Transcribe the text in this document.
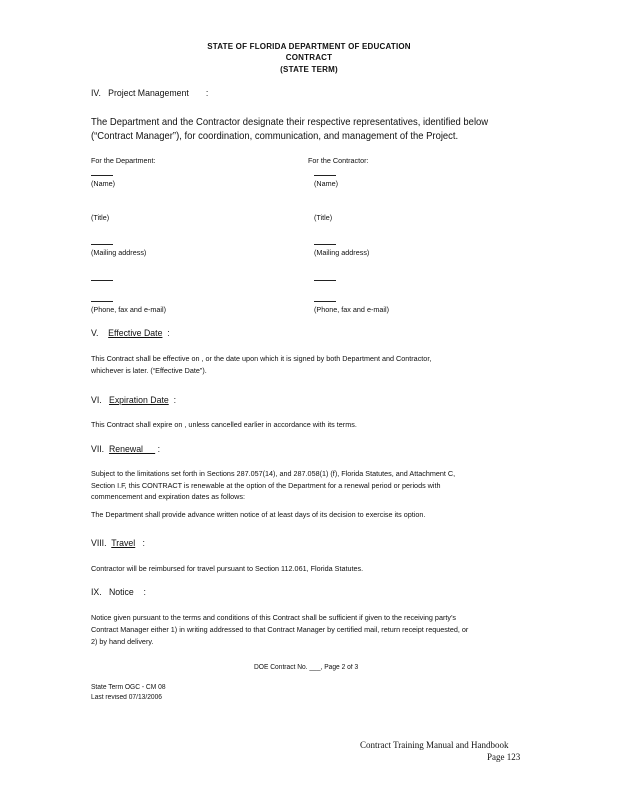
STATE OF FLORIDA DEPARTMENT OF EDUCATION
CONTRACT
(STATE TERM)
IV. Project Management :
The Department and the Contractor designate their respective representatives, identified below
(“Contract Manager”), for coordination, communication, and management of the Project.
For the Department:	For the Contractor:
(Name)	(Name)
(Title)	(Title)
(Mailing address)	(Mailing address)
(Phone, fax and e-mail)	(Phone, fax and e-mail)
V. Effective Date :
This Contract shall be effective on , or the date upon which it is signed by both Department and Contractor,
whichever is later. (“Effective Date”).
VI. Expiration Date :
This Contract shall expire on , unless cancelled earlier in accordance with its terms.
VII. Renewal :
Subject to the limitations set forth in Sections 287.057(14), and 287.058(1) (f), Florida Statutes, and Attachment C,
Section I.F, this CONTRACT is renewable at the option of the Department for a renewal period or periods with
commencement and expiration dates as follows:
The Department shall provide advance written notice of at least days of its decision to exercise its option.
VIII. Travel :
Contractor will be reimbursed for travel pursuant to Section 112.061, Florida Statutes.
IX. Notice :
Notice given pursuant to the terms and conditions of this Contract shall be sufficient if given to the receiving party’s
Contract Manager either 1) in writing addressed to that Contract Manager by certified mail, return receipt requested, or
2) by hand delivery.
DOE Contract No. ___, Page 2 of 3
State Term OGC - CM 08
Last revised 07/13/2006
Contract Training Manual and Handbook
Page 123
